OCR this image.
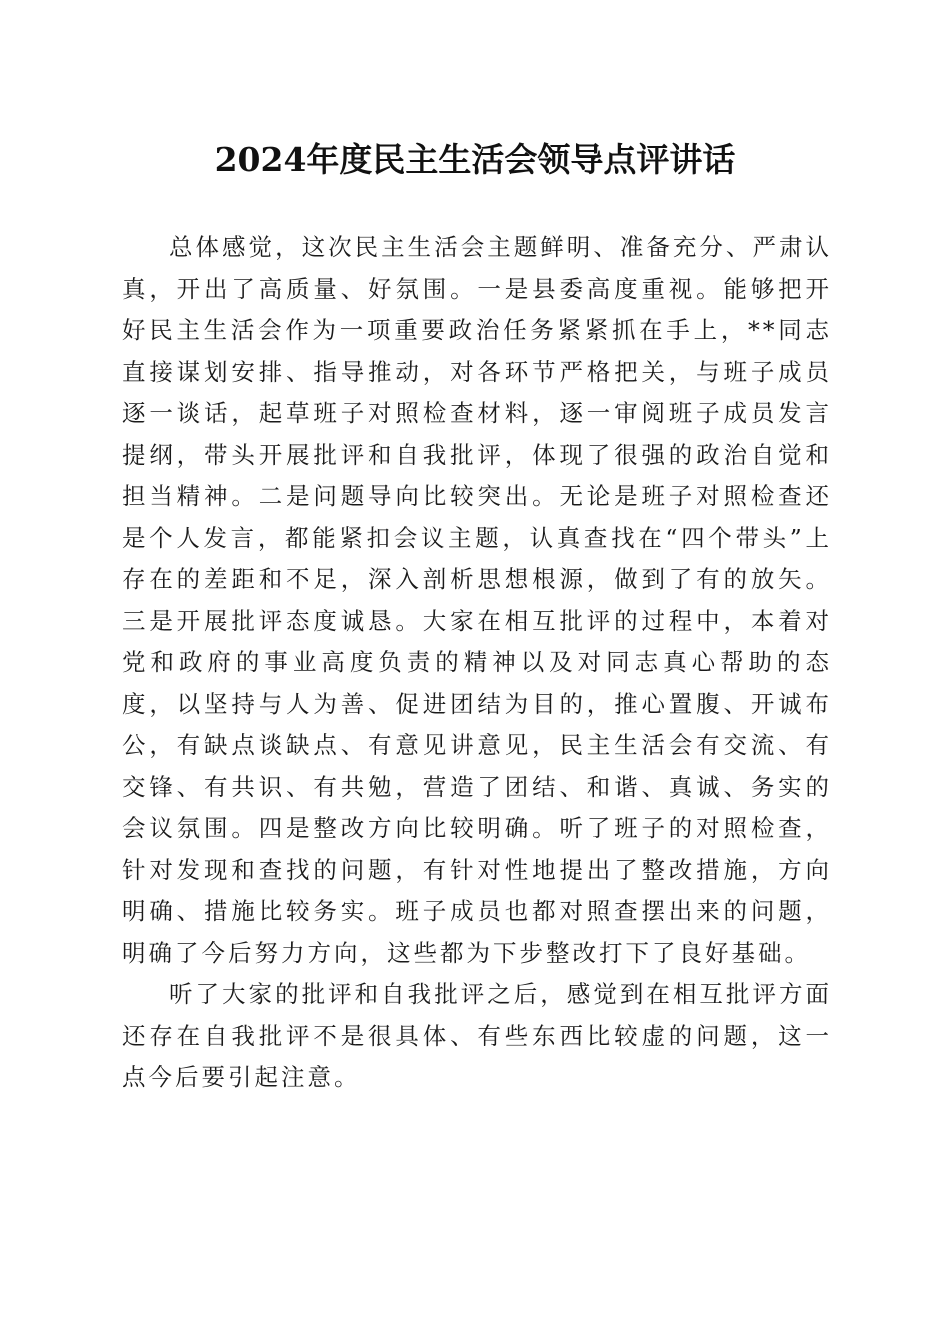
2024年度民主生活会领导点评讲话

总体感觉，这次民主生活会主题鲜明、准备充分、严肃认真，开出了高质量、好氛围。一是县委高度重视。能够把开好民主生活会作为一项重要政治任务紧紧抓在手上，**同志直接谋划安排、指导推动，对各环节严格把关，与班子成员逐一谈话，起草班子对照检查材料，逐一审阅班子成员发言提纲，带头开展批评和自我批评，体现了很强的政治自觉和担当精神。二是问题导向比较突出。无论是班子对照检查还是个人发言，都能紧扣会议主题，认真查找在“四个带头”上存在的差距和不足，深入剖析思想根源，做到了有的放矢。三是开展批评态度诚恳。大家在相互批评的过程中，本着对党和政府的事业高度负责的精神以及对同志真心帮助的态度，以坚持与人为善、促进团结为目的，推心置腹、开诚布公，有缺点谈缺点、有意见讲意见，民主生活会有交流、有交锋、有共识、有共勉，营造了团结、和谐、真诚、务实的会议氛围。四是整改方向比较明确。听了班子的对照检查，针对发现和查找的问题，有针对性地提出了整改措施，方向明确、措施比较务实。班子成员也都对照查摆出来的问题，明确了今后努力方向，这些都为下步整改打下了良好基础。

听了大家的批评和自我批评之后，感觉到在相互批评方面还存在自我批评不是很具体、有些东西比较虚的问题，这一点今后要引起注意。
